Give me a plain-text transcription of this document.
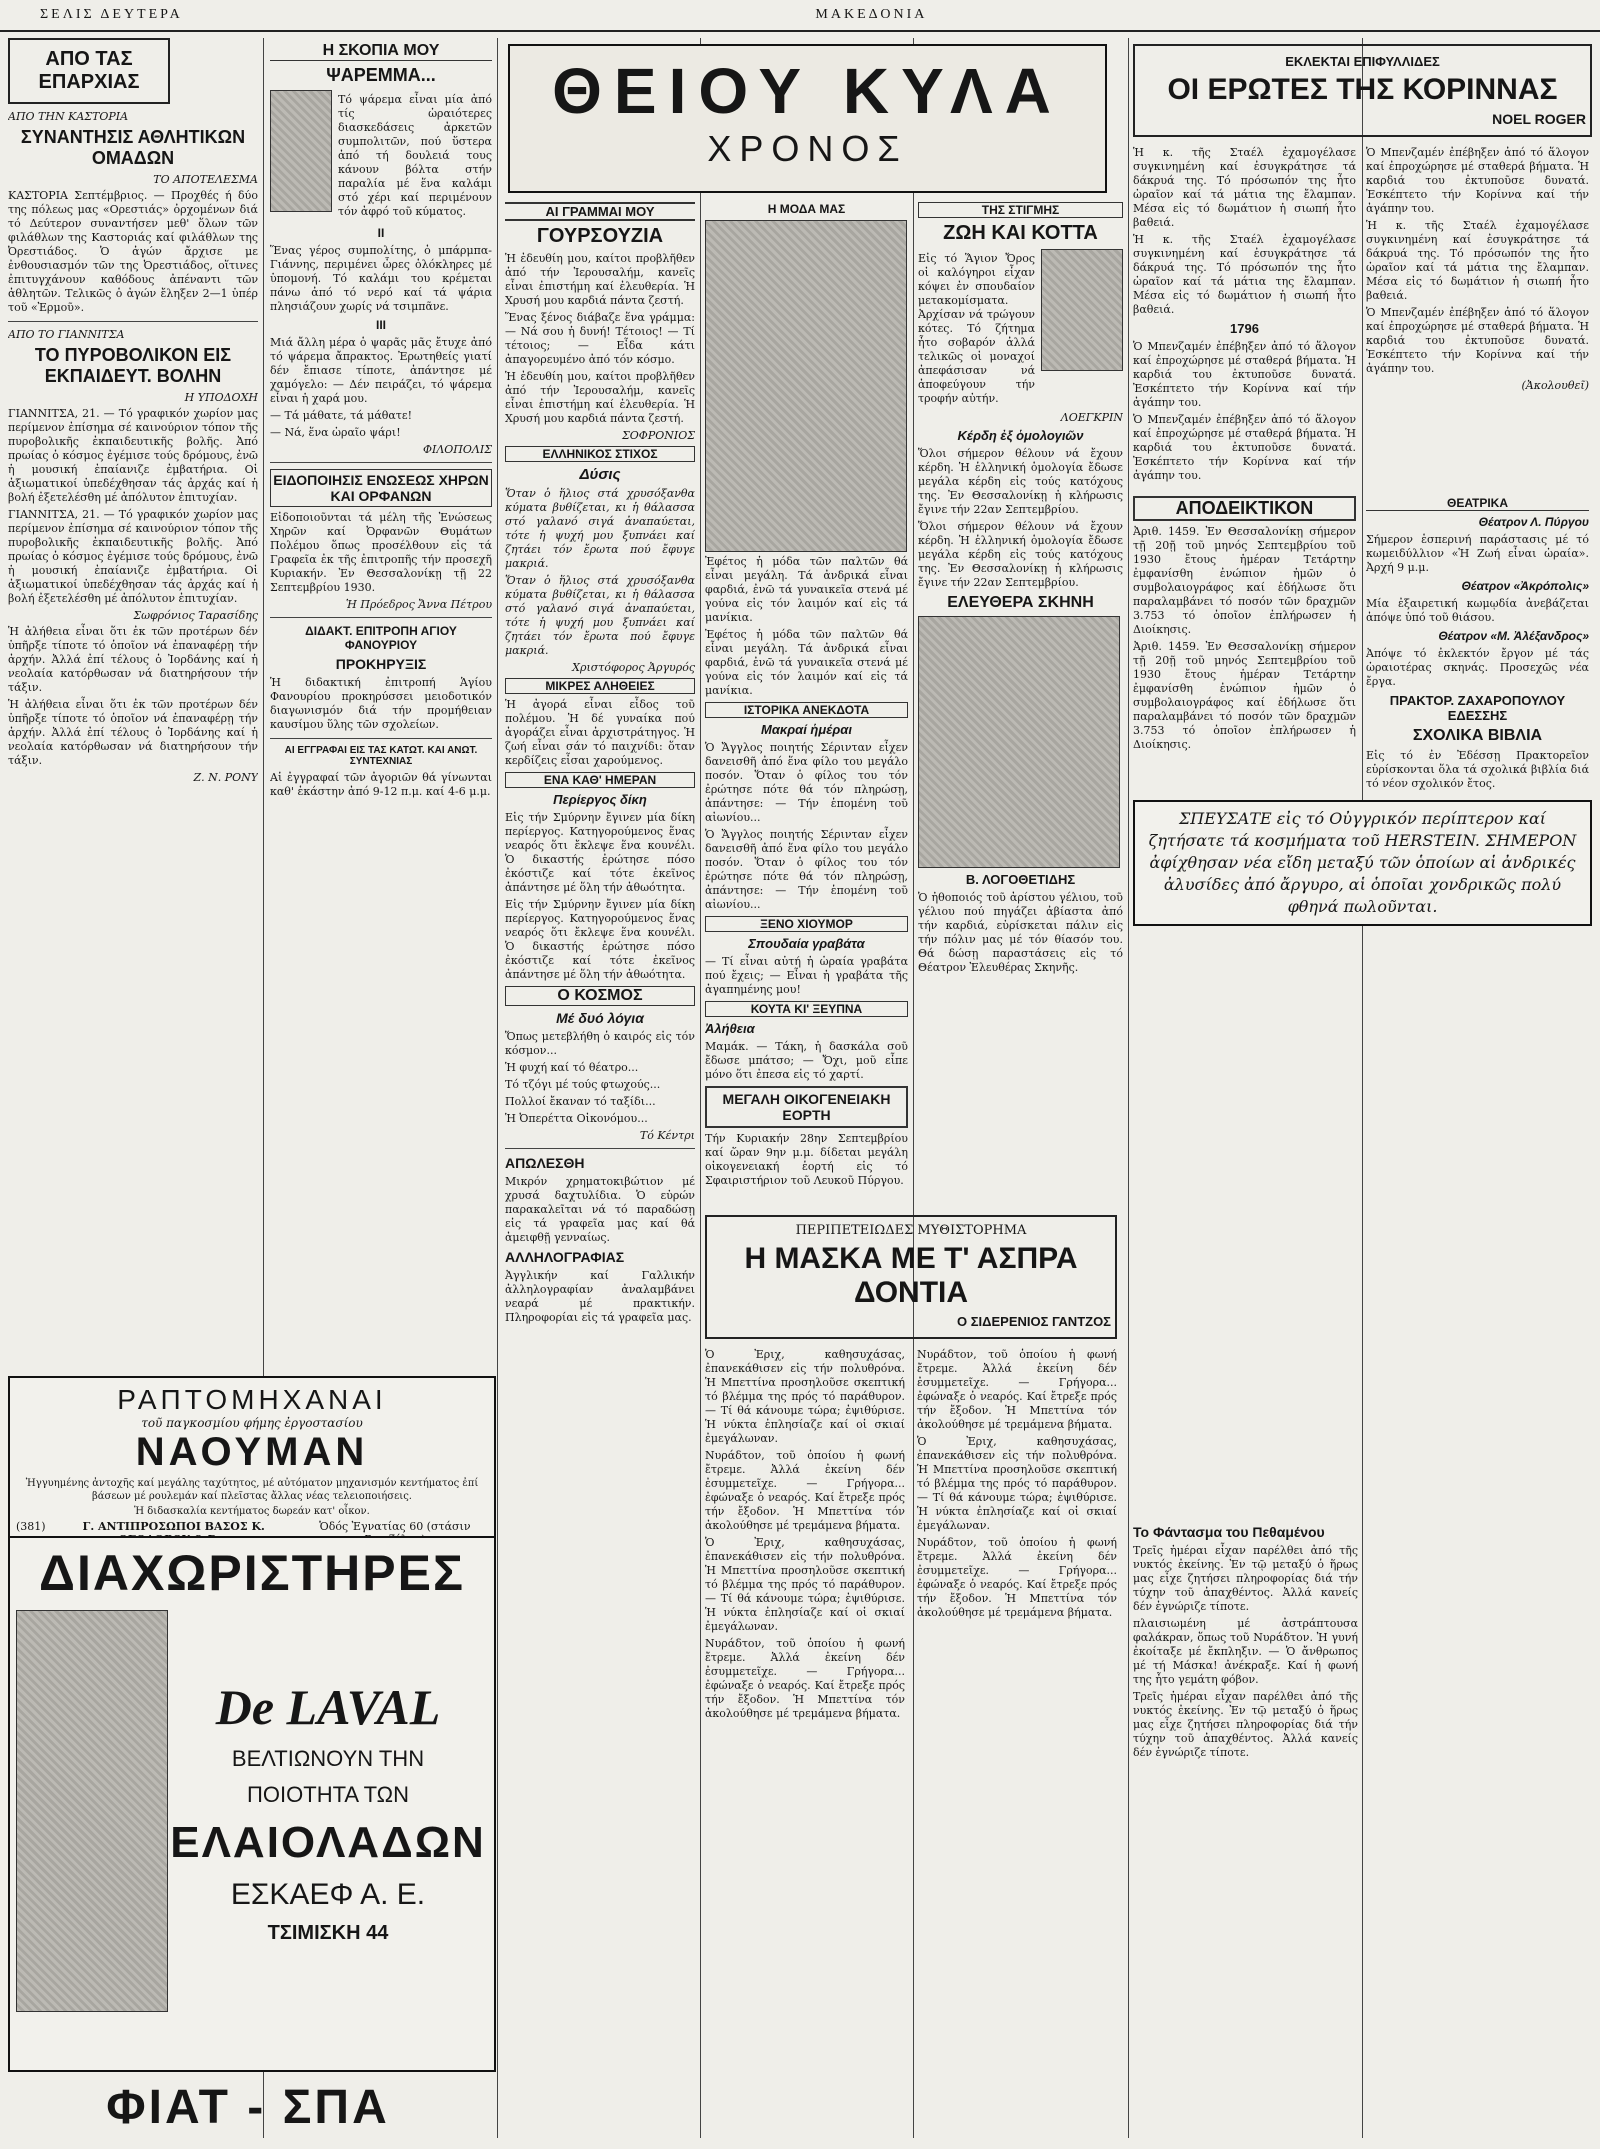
ΣΕΛΙΣ ΔΕΥΤΕΡΑ	ΜΑΚΕΔΟΝΙΑ
ΑΠΟ ΤΑΣ ΕΠΑΡΧΙΑΣ
ΑΠΟ ΤΗΝ ΚΑΣΤΟΡΙΑ
ΣΥΝΑΝΤΗΣΙΣ ΑΘΛΗΤΙΚΩΝ ΟΜΑΔΩΝ
ΤΟ ΑΠΟΤΕΛΕΣΜΑ

ΚΑΣΤΟΡΙΑ Σεπτέμβριος. — Προχθές ή δύο της πόλεως μας «Ορεστιάς» ὀρχομένων διά τό Δεύτερον συναντήσεν μεθ' ὅλων τῶν φιλάθλων της Καστοριάς καί φιλάθλων της Ὀρεστιάδος. Ὁ ἀγών ἄρχισε με ἐνθουσιασμόν τῶν της Ὀρεστιάδος, οἵτινες ἐπιτυγχάνουν καθόδους ἀπέναντι τῶν ἀθλητῶν. Τελικῶς ὁ ἀγών ἔληξεν 2—1 ὑπέρ τοῦ «Ἐρμοῦ».

ΑΠΟ ΤΟ ΓΙΑΝΝΙΤΣΑ
ΤΟ ΠΥΡΟΒΟΛΙΚΟΝ ΕΙΣ ΕΚΠΑΙΔΕΥΤ. ΒΟΛΗΝ
Η ΥΠΟΔΟΧΗ

ΓΙΑΝΝΙΤΣΑ, 21. — Τό γραφικόν χωρίον μας περίμενον ἐπίσημα σέ καινούριον τόπον τῆς πυροβολικῆς ἐκπαιδευτικῆς βολῆς. Ἀπό πρωίας ὁ κόσμος ἐγέμισε τούς δρόμους, ἐνῶ ἡ μουσική ἐπαίανιζε ἐμβατήρια. Οἱ ἀξιωματικοί ὑπεδέχθησαν τάς ἀρχάς καί ἡ βολή ἐξετελέσθη μέ ἀπόλυτον ἐπιτυχίαν.

ΓΙΑΝΝΙΤΣΑ, 21. — Τό γραφικόν χωρίον μας περίμενον ἐπίσημα σέ καινούριον τόπον τῆς πυροβολικῆς ἐκπαιδευτικῆς βολῆς. Ἀπό πρωίας ὁ κόσμος ἐγέμισε τούς δρόμους, ἐνῶ ἡ μουσική ἐπαίανιζε ἐμβατήρια. Οἱ ἀξιωματικοί ὑπεδέχθησαν τάς ἀρχάς καί ἡ βολή ἐξετελέσθη μέ ἀπόλυτον ἐπιτυχίαν.

Σωφρόνιος Ταρασίδης

Ἡ ἀλήθεια εἶναι ὅτι ἐκ τῶν προτέρων δέν ὑπῆρξε τίποτε τό ὁποῖον νά ἐπαναφέρῃ τήν ἀρχήν. Ἀλλά ἐπί τέλους ὁ Ἰορδάνης καί ἡ νεολαία κατόρθωσαν νά διατηρήσουν τήν τάξιν.

Ἡ ἀλήθεια εἶναι ὅτι ἐκ τῶν προτέρων δέν ὑπῆρξε τίποτε τό ὁποῖον νά ἐπαναφέρῃ τήν ἀρχήν. Ἀλλά ἐπί τέλους ὁ Ἰορδάνης καί ἡ νεολαία κατόρθωσαν νά διατηρήσουν τήν τάξιν.

Ζ. Ν. ΡΟΝΥ
Η ΣΚΟΠΙΑ ΜΟΥ
ΨΑΡΕΜΜΑ...

Τό ψάρεμα εἶναι μία ἀπό τίς ὡραιότερες διασκεδάσεις ἀρκετῶν συμπολιτῶν, πού ὕστερα ἀπό τή δουλειά τους κάνουν βόλτα στήν παραλία μέ ἕνα καλάμι στό χέρι καί περιμένουν τόν ἀφρό τοῦ κύματος.

ΙΙ

Ἕνας γέρος συμπολίτης, ὁ μπάρμπα-Γιάννης, περιμένει ὧρες ὁλόκληρες μέ ὑπομονή. Τό καλάμι του κρέμεται πάνω ἀπό τό νερό καί τά ψάρια πλησιάζουν χωρίς νά τσιμπᾶνε.

ΙΙΙ

Μιά ἄλλη μέρα ὁ ψαρᾶς μᾶς ἔτυχε ἀπό τό ψάρεμα ἄπρακτος. Ἐρωτηθείς γιατί δέν ἔπιασε τίποτε, ἀπάντησε μέ χαμόγελο: — Δέν πειράζει, τό ψάρεμα εἶναι ἡ χαρά μου.

— Τά μάθατε, τά μάθατε!

— Νά, ἕνα ὡραῖο ψάρι!

ΦΙΛΟΠΟΛΙΣ
ΕΙΔΟΠΟΙΗΣΙΣ ΕΝΩΣΕΩΣ ΧΗΡΩΝ ΚΑΙ ΟΡΦΑΝΩΝ

Εἰδοποιοῦνται τά μέλη τῆς Ἑνώσεως Χηρῶν καί Ὀρφανῶν Θυμάτων Πολέμου ὅπως προσέλθουν εἰς τά Γραφεῖα ἐκ τῆς ἐπιτροπῆς τήν προσεχῆ Κυριακήν. Ἐν Θεσσαλονίκῃ τῇ 22 Σεπτεμβρίου 1930.

Ἡ Πρόεδρος Ἄννα Πέτρου
ΔΙΔΑΚΤ. ΕΠΙΤΡΟΠΗ ΑΓΙΟΥ ΦΑΝΟΥΡΙΟΥ
ΠΡΟΚΗΡΥΞΙΣ

Ἡ διδακτική ἐπιτροπή Ἁγίου Φανουρίου προκηρύσσει μειοδοτικόν διαγωνισμόν διά τήν προμήθειαν καυσίμου ὕλης τῶν σχολείων.

ΑΙ ΕΓΓΡΑΦΑΙ ΕΙΣ ΤΑΣ ΚΑΤΩΤ. ΚΑΙ ΑΝΩΤ. ΣΥΝΤΕΧΝΙΑΣ

Αἱ ἐγγραφαί τῶν ἀγοριῶν θά γίνωνται καθ' ἑκάστην ἀπό 9-12 π.μ. καί 4-6 μ.μ.

ΡΑΠΤΟΜΗΧΑΝΑΙ
τοῦ παγκοσμίου φήμης ἐργοστασίου
ΝΑΟΥΜΑΝ
Ἠγγυημένης ἀντοχῆς καί μεγάλης ταχύτητος, μέ αὐτόματον μηχανισμόν κεντήματος ἐπί βάσεων μέ ρουλεμάν καί πλεῖστας ἄλλας νέας τελειοποιήσεις.
Ἡ διδασκαλία κεντήματος δωρεάν κατ' οἶκον.
(381)	Γ. ΑΝΤΙΠΡΟΣΩΠΟΙ ΒΑΣΟΣ Κ.	Ὁδός Ἐγνατίας 60 (στάσιν
ΔΙΑΧΩΡΙΣΤΗΡΕΣ
De LAVAL
ΒΕΛΤΙΩΝΟΥΝ ΤΗΝ
ΠΟΙΟΤΗΤΑ ΤΩΝ
ΕΛΑΙΟΛΑΔΩΝ
ΕΣΚΑΕΦ Α. Ε.
ΤΣΙΜΙΣΚΗ 44
ΦΙΑΤ - ΣΠΑ
ΘΕΙΟΥ ΚΥΛΑ
ΧΡΟΝΟΣ
ΑΙ ΓΡΑΜΜΑΙ ΜΟΥ
ΓΟΥΡΣΟΥΖΙΑ

Ἡ ἐδευθίη μου, καίτοι προβλῆθεν ἀπό τήν Ἱερουσαλήμ, κανεῖς εἶναι ἐπιστήμη καί ἐλευθερία. Ἡ Χρυσή μου καρδιά πάντα ζεστή.

Ἕνας ξένος διάβαζε ἕνα γράμμα: — Νά σου ἡ δυνή! Τέτοιος! — Τί τέτοιος; — Εἶδα κάτι ἀπαγορευμένο ἀπό τόν κόσμο.

Ἡ ἐδευθίη μου, καίτοι προβλῆθεν ἀπό τήν Ἱερουσαλήμ, κανεῖς εἶναι ἐπιστήμη καί ἐλευθερία. Ἡ Χρυσή μου καρδιά πάντα ζεστή.

ΣΟΦΡΟΝΙΟΣ
ΕΛΛΗΝΙΚΟΣ ΣΤΙΧΟΣ
Δύσις

Ὅταν ὁ ἥλιος στά χρυσόξανθα κύματα βυθίζεται, κι ἡ θάλασσα στό γαλανό σιγά ἀναπαύεται, τότε ἡ ψυχή μου ξυπνάει καί ζητάει τόν ἔρωτα πού ἔφυγε μακριά.

Ὅταν ὁ ἥλιος στά χρυσόξανθα κύματα βυθίζεται, κι ἡ θάλασσα στό γαλανό σιγά ἀναπαύεται, τότε ἡ ψυχή μου ξυπνάει καί ζητάει τόν ἔρωτα πού ἔφυγε μακριά.

Χριστόφορος Ἀργυρός
ΜΙΚΡΕΣ ΑΛΗΘΕΙΕΣ

Ἡ ἀγορά εἶναι εἶδος τοῦ πολέμου. Ἡ δέ γυναίκα πού ἀγοράζει εἶναι ἀρχιστράτηγος. Ἡ ζωή εἶναι σάν τό παιχνίδι: ὅταν κερδίζεις εἶσαι χαρούμενος.

ΕΝΑ ΚΑΘ' ΗΜΕΡΑΝ
Περίεργος δίκη

Εἰς τήν Σμύρνην ἔγινεν μία δίκη περίεργος. Κατηγορούμενος ἕνας νεαρός ὅτι ἔκλεψε ἕνα κουνέλι. Ὁ δικαστής ἐρώτησε πόσο ἐκόστιζε καί τότε ἐκεῖνος ἀπάντησε μέ ὅλη τήν ἀθωότητα.

Εἰς τήν Σμύρνην ἔγινεν μία δίκη περίεργος. Κατηγορούμενος ἕνας νεαρός ὅτι ἔκλεψε ἕνα κουνέλι. Ὁ δικαστής ἐρώτησε πόσο ἐκόστιζε καί τότε ἐκεῖνος ἀπάντησε μέ ὅλη τήν ἀθωότητα.

Ο ΚΟΣΜΟΣ
Μέ δυό λόγια

Ὅπως μετεβλήθη ὁ καιρός εἰς τόν κόσμον...

Ἡ φυχή καί τό θέατρο...

Τό τζόγι μέ τούς φτωχούς...

Πολλοί ἔκαναν τό ταξίδι...

Ἡ Ὀπερέττα Οἰκονόμου...

Τό Κέντρι
ΑΠΩΛΕΣΘΗ

Μικρόν χρηματοκιβώτιον μέ χρυσά δαχτυλίδια. Ὁ εὑρών παρακαλεῖται νά τό παραδώσῃ εἰς τά γραφεῖα μας καί θά ἀμειφθῇ γενναίως.

ΑΛΛΗΛΟΓΡΑΦΙΑΣ

Ἀγγλικήν καί Γαλλικήν ἀλληλογραφίαν ἀναλαμβάνει νεαρά μέ πρακτικήν. Πληροφορίαι εἰς τά γραφεῖα μας.

Η ΜΟΔΑ ΜΑΣ

Ἐφέτος ἡ μόδα τῶν παλτῶν θά εἶναι μεγάλη. Τά ἀνδρικά εἶναι φαρδιά, ἐνῶ τά γυναικεῖα στενά μέ γούνα εἰς τόν λαιμόν καί εἰς τά μανίκια.

Ἐφέτος ἡ μόδα τῶν παλτῶν θά εἶναι μεγάλη. Τά ἀνδρικά εἶναι φαρδιά, ἐνῶ τά γυναικεῖα στενά μέ γούνα εἰς τόν λαιμόν καί εἰς τά μανίκια.

ΙΣΤΟΡΙΚΑ ΑΝΕΚΔΟΤΑ
Μακραί ἡμέραι

Ὁ Ἄγγλος ποιητής Σέρινταν εἶχεν δανεισθῆ ἀπό ἕνα φίλο του μεγάλο ποσόν. Ὅταν ὁ φίλος του τόν ἐρώτησε πότε θά τόν πληρώσῃ, ἀπάντησε: — Τήν ἑπομένη τοῦ αἰωνίου...

Ὁ Ἄγγλος ποιητής Σέρινταν εἶχεν δανεισθῆ ἀπό ἕνα φίλο του μεγάλο ποσόν. Ὅταν ὁ φίλος του τόν ἐρώτησε πότε θά τόν πληρώσῃ, ἀπάντησε: — Τήν ἑπομένη τοῦ αἰωνίου...

ΞΕΝΟ ΧΙΟΥΜΟΡ
Σπουδαία γραβάτα

— Τί εἶναι αὐτή ἡ ὡραία γραβάτα πού ἔχεις; — Εἶναι ἡ γραβάτα τῆς ἀγαπημένης μου!

ΚΟΥΤΑ ΚΙ' ΞΕΥΠΝΑ
Ἀλήθεια

Μαμάκ. — Τάκη, ἡ δασκάλα σοῦ ἔδωσε μπάτσο; — Ὄχι, μοῦ εἶπε μόνο ὅτι ἐπεσα εἰς τό χαρτί.

ΜΕΓΑΛΗ ΟΙΚΟΓΕΝΕΙΑΚΗ ΕΟΡΤΗ

Τήν Κυριακήν 28ην Σεπτεμβρίου καί ὥραν 9ην μ.μ. δίδεται μεγάλη οἰκογενειακή ἑορτή εἰς τό Σφαιριστήριον τοῦ Λευκοῦ Πύργου.

ΤΗΣ ΣΤΙΓΜΗΣ
ΖΩΗ ΚΑΙ ΚΟΤΤΑ

Εἰς τό Ἅγιον Ὄρος οἱ καλόγηροι εἶχαν κόψει ἐν σπουδαίον μετακομίσματα. Ἀρχίσαν νά τρώγουν κότες. Τό ζήτημα ἦτο σοβαρόν ἀλλά τελικῶς οἱ μοναχοί ἀπεφάσισαν νά ἀποφεύγουν τήν τροφήν αὐτήν.

ΛΟΕΓΚΡΙΝ
Κέρδη ἐξ ὁμολογιῶν

Ὅλοι σήμερον θέλουν νά ἔχουν κέρδη. Ἡ ἑλληνική ὁμολογία ἔδωσε μεγάλα κέρδη εἰς τούς κατόχους της. Ἐν Θεσσαλονίκῃ ἡ κλήρωσις ἔγινε τήν 22αν Σεπτεμβρίου.

Ὅλοι σήμερον θέλουν νά ἔχουν κέρδη. Ἡ ἑλληνική ὁμολογία ἔδωσε μεγάλα κέρδη εἰς τούς κατόχους της. Ἐν Θεσσαλονίκῃ ἡ κλήρωσις ἔγινε τήν 22αν Σεπτεμβρίου.

ΕΛΕΥΘΕΡΑ ΣΚΗΝΗ
Β. ΛΟΓΟΘΕΤΙΔΗΣ

Ὁ ἠθοποιός τοῦ ἀρίστου γέλιου, τοῦ γέλιου πού πηγάζει ἀβίαστα ἀπό τήν καρδιά, εὑρίσκεται πάλιν εἰς τήν πόλιν μας μέ τόν θίασόν του. Θά δώσῃ παραστάσεις εἰς τό Θέατρον Ἐλευθέρας Σκηνῆς.

ΠΕΡΙΠΕΤΕΙΩΔΕΣ ΜΥΘΙΣΤΟΡΗΜΑ
Η ΜΑΣΚΑ ΜΕ Τ' ΑΣΠΡΑ ΔΟΝΤΙΑ
Ο ΣΙΔΕΡΕΝΙΟΣ ΓΑΝΤΖΟΣ

Ὁ Ἐριχ, καθησυχάσας, ἐπανεκάθισεν εἰς τήν πολυθρόνα. Ἡ Μπεττίνα προσηλοῦσε σκεπτική τό βλέμμα της πρός τό παράθυρον. — Τί θά κάνουμε τώρα; ἐψιθύρισε. Ἡ νύκτα ἐπλησίαζε καί οἱ σκιαί ἐμεγάλωναν.

Νυράδτον, τοῦ ὁποίου ἡ φωνή ἔτρεμε. Ἀλλά ἐκείνη δέν ἐσυμμετεῖχε. — Γρήγορα... ἐφώναξε ὁ νεαρός. Καί ἔτρεξε πρός τήν ἔξοδον. Ἡ Μπεττίνα τόν ἀκολούθησε μέ τρεμάμενα βήματα.

Ὁ Ἐριχ, καθησυχάσας, ἐπανεκάθισεν εἰς τήν πολυθρόνα. Ἡ Μπεττίνα προσηλοῦσε σκεπτική τό βλέμμα της πρός τό παράθυρον. — Τί θά κάνουμε τώρα; ἐψιθύρισε. Ἡ νύκτα ἐπλησίαζε καί οἱ σκιαί ἐμεγάλωναν.

Νυράδτον, τοῦ ὁποίου ἡ φωνή ἔτρεμε. Ἀλλά ἐκείνη δέν ἐσυμμετεῖχε. — Γρήγορα... ἐφώναξε ὁ νεαρός. Καί ἔτρεξε πρός τήν ἔξοδον. Ἡ Μπεττίνα τόν ἀκολούθησε μέ τρεμάμενα βήματα.

Νυράδτον, τοῦ ὁποίου ἡ φωνή ἔτρεμε. Ἀλλά ἐκείνη δέν ἐσυμμετεῖχε. — Γρήγορα... ἐφώναξε ὁ νεαρός. Καί ἔτρεξε πρός τήν ἔξοδον. Ἡ Μπεττίνα τόν ἀκολούθησε μέ τρεμάμενα βήματα.

Ὁ Ἐριχ, καθησυχάσας, ἐπανεκάθισεν εἰς τήν πολυθρόνα. Ἡ Μπεττίνα προσηλοῦσε σκεπτική τό βλέμμα της πρός τό παράθυρον. — Τί θά κάνουμε τώρα; ἐψιθύρισε. Ἡ νύκτα ἐπλησίαζε καί οἱ σκιαί ἐμεγάλωναν.

Νυράδτον, τοῦ ὁποίου ἡ φωνή ἔτρεμε. Ἀλλά ἐκείνη δέν ἐσυμμετεῖχε. — Γρήγορα... ἐφώναξε ὁ νεαρός. Καί ἔτρεξε πρός τήν ἔξοδον. Ἡ Μπεττίνα τόν ἀκολούθησε μέ τρεμάμενα βήματα.

Το Φάντασμα του Πεθαμένου

Τρεῖς ἡμέραι εἶχαν παρέλθει ἀπό τῆς νυκτός ἐκείνης. Ἐν τῷ μεταξύ ὁ ἥρως μας εἶχε ζητήσει πληροφορίας διά τήν τύχην τοῦ ἀπαχθέντος. Ἀλλά κανείς δέν ἐγνώριζε τίποτε.

πλαισιωμένη μέ ἀστράπτουσα φαλάκραν, ὅπως τοῦ Νυράδτον. Ἡ γυνή ἐκοίταξε μέ ἔκπληξιν. — Ὁ ἄνθρωπος μέ τή Μάσκα! ἀνέκραξε. Καί ἡ φωνή της ἦτο γεμάτη φόβον.

Τρεῖς ἡμέραι εἶχαν παρέλθει ἀπό τῆς νυκτός ἐκείνης. Ἐν τῷ μεταξύ ὁ ἥρως μας εἶχε ζητήσει πληροφορίας διά τήν τύχην τοῦ ἀπαχθέντος. Ἀλλά κανείς δέν ἐγνώριζε τίποτε.

ΕΚΛΕΚΤΑΙ ΕΠΙΦΥΛΛΙΔΕΣ
ΟΙ ΕΡΩΤΕΣ ΤΗΣ ΚΟΡΙΝΝΑΣ
NOEL ROGER

Ἡ κ. τῆς Σταέλ ἐχαμογέλασε συγκινημένη καί ἐσυγκράτησε τά δάκρυά της. Τό πρόσωπόν της ἦτο ὡραῖον καί τά μάτια της ἔλαμπαν. Μέσα εἰς τό δωμάτιον ἡ σιωπή ἦτο βαθειά.

Ἡ κ. τῆς Σταέλ ἐχαμογέλασε συγκινημένη καί ἐσυγκράτησε τά δάκρυά της. Τό πρόσωπόν της ἦτο ὡραῖον καί τά μάτια της ἔλαμπαν. Μέσα εἰς τό δωμάτιον ἡ σιωπή ἦτο βαθειά.

1796

Ὁ Μπενζαμέν ἐπέβηξεν ἀπό τό ἅλογον καί ἐπροχώρησε μέ σταθερά βήματα. Ἡ καρδιά του ἐκτυποῦσε δυνατά. Ἐσκέπτετο τήν Κορίννα καί τήν ἀγάπην του.

Ὁ Μπενζαμέν ἐπέβηξεν ἀπό τό ἅλογον καί ἐπροχώρησε μέ σταθερά βήματα. Ἡ καρδιά του ἐκτυποῦσε δυνατά. Ἐσκέπτετο τήν Κορίννα καί τήν ἀγάπην του.

Ὁ Μπενζαμέν ἐπέβηξεν ἀπό τό ἅλογον καί ἐπροχώρησε μέ σταθερά βήματα. Ἡ καρδιά του ἐκτυποῦσε δυνατά. Ἐσκέπτετο τήν Κορίννα καί τήν ἀγάπην του.

Ἡ κ. τῆς Σταέλ ἐχαμογέλασε συγκινημένη καί ἐσυγκράτησε τά δάκρυά της. Τό πρόσωπόν της ἦτο ὡραῖον καί τά μάτια της ἔλαμπαν. Μέσα εἰς τό δωμάτιον ἡ σιωπή ἦτο βαθειά.

Ὁ Μπενζαμέν ἐπέβηξεν ἀπό τό ἅλογον καί ἐπροχώρησε μέ σταθερά βήματα. Ἡ καρδιά του ἐκτυποῦσε δυνατά. Ἐσκέπτετο τήν Κορίννα καί τήν ἀγάπην του.

(Ἀκολουθεῖ)
ΑΠΟΔΕΙΚΤΙΚΟΝ

Ἀριθ. 1459. Ἐν Θεσσαλονίκῃ σήμερον τῇ 20ῇ τοῦ μηνός Σεπτεμβρίου τοῦ 1930 ἔτους ἡμέραν Τετάρτην ἐμφανίσθη ἐνώπιον ἡμῶν ὁ συμβολαιογράφος καί ἐδήλωσε ὅτι παραλαμβάνει τό ποσόν τῶν δραχμῶν 3.753 τό ὁποῖον ἐπλήρωσεν ἡ Διοίκησις.

Ἀριθ. 1459. Ἐν Θεσσαλονίκῃ σήμερον τῇ 20ῇ τοῦ μηνός Σεπτεμβρίου τοῦ 1930 ἔτους ἡμέραν Τετάρτην ἐμφανίσθη ἐνώπιον ἡμῶν ὁ συμβολαιογράφος καί ἐδήλωσε ὅτι παραλαμβάνει τό ποσόν τῶν δραχμῶν 3.753 τό ὁποῖον ἐπλήρωσεν ἡ Διοίκησις.

ΘΕΑΤΡΙΚΑ
Θέατρον Λ. Πύργου

Σήμερον ἑσπερινή παράστασις μέ τό κωμειδύλλιον «Ἡ Ζωή εἶναι ὡραία». Ἀρχή 9 μ.μ.

Θέατρον «Ἀκρόπολις»

Μία ἐξαιρετική κωμῳδία ἀνεβάζεται ἀπόψε ὑπό τοῦ θιάσου.

Θέατρον «Μ. Ἀλέξανδρος»

Ἀπόψε τό ἐκλεκτόν ἔργον μέ τάς ὡραιοτέρας σκηνάς. Προσεχῶς νέα ἔργα.

ΠΡΑΚΤΟΡ. ΖΑΧΑΡΟΠΟΥΛΟΥ ΕΔΕΣΣΗΣ
ΣΧΟΛΙΚΑ ΒΙΒΛΙΑ

Εἰς τό ἐν Ἐδέσσῃ Πρακτορεῖον εὑρίσκονται ὅλα τά σχολικά βιβλία διά τό νέον σχολικόν ἔτος.

ΣΠΕΥΣΑΤΕ εἰς τό Οὐγγρικόν περίπτερον καί ζητήσατε τά κοσμήματα τοῦ HERSTEIN. ΣΗΜΕΡΟΝ ἀφίχθησαν νέα εἴδη μεταξύ τῶν ὁποίων αἱ ἀνδρικές ἀλυσίδες ἀπό ἄργυρο, αἱ ὁποῖαι χονδρικῶς πολύ φθηνά πωλοῦνται.
